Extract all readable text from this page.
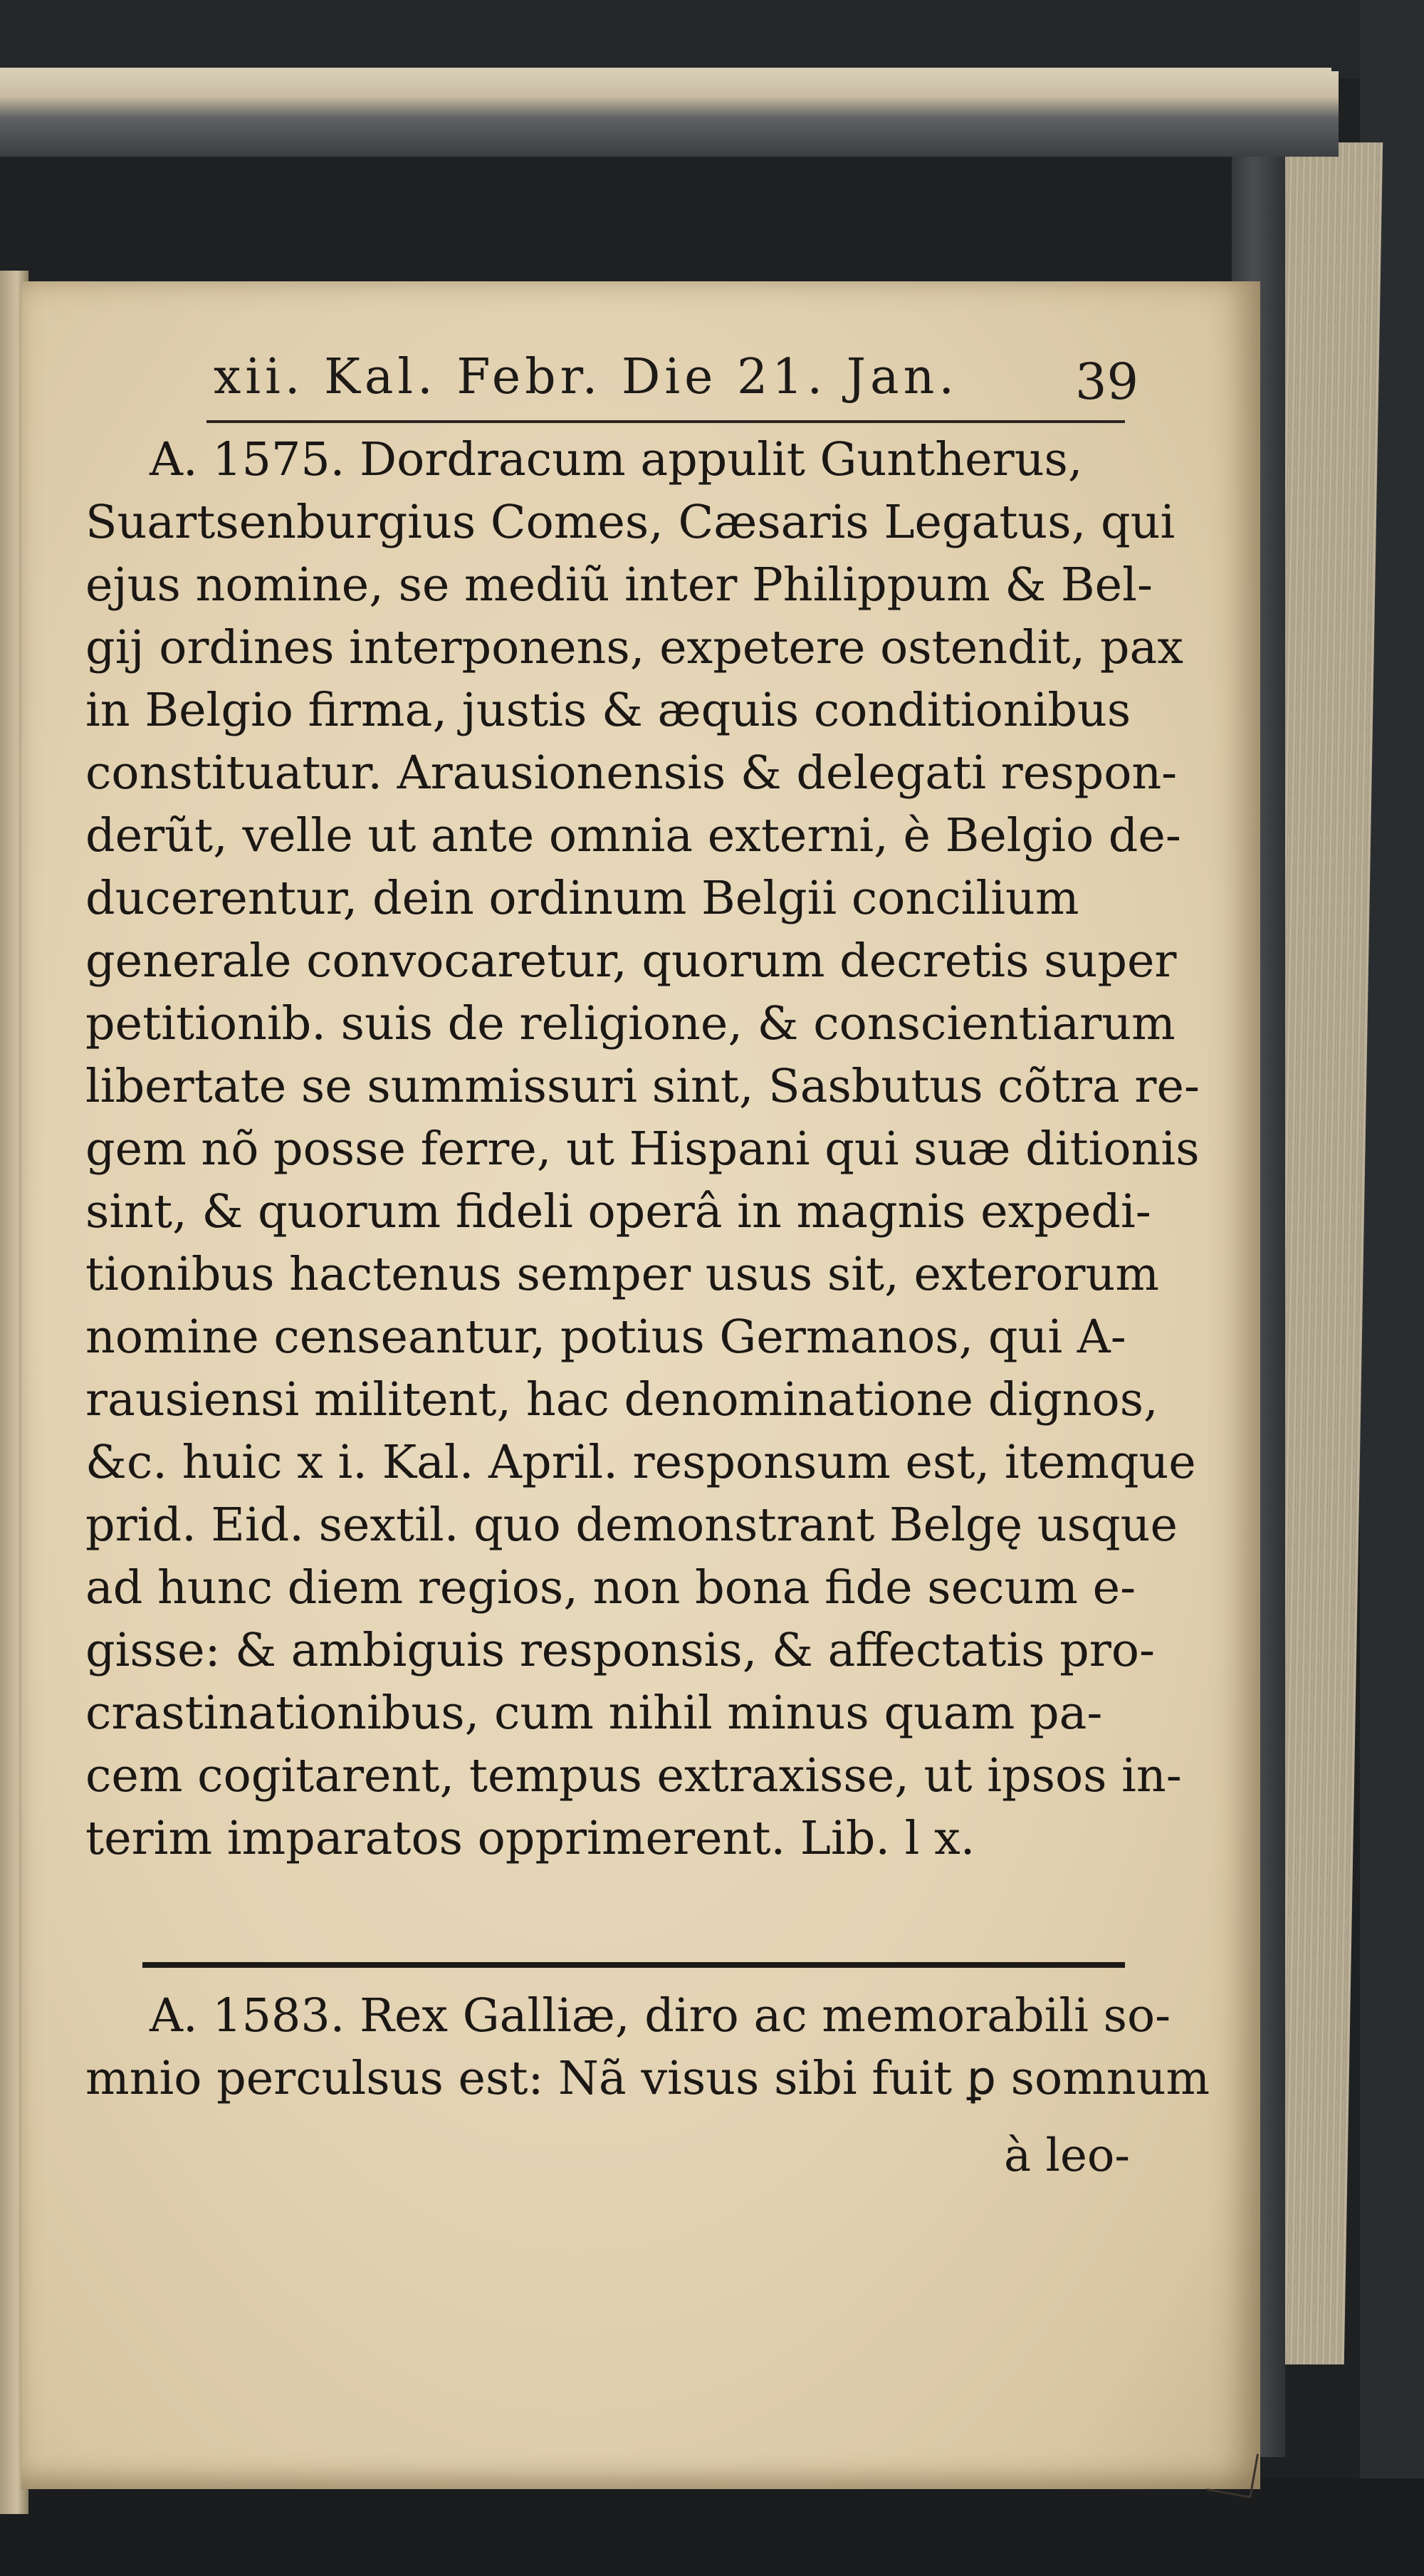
xii. Kal. Febr. Die 21. Jan. 39
A. 1575. Dordracum appulit Guntherus,
Suartsenburgius Comes, Cæsaris Legatus, qui
ejus nomine, se mediũ inter Philippum & Bel-
gij ordines interponens, expetere ostendit, pax
in Belgio firma, justis & æquis conditionibus
constituatur. Arausionensis & delegati respon-
derũt, velle ut ante omnia externi, è Belgio de-
ducerentur, dein ordinum Belgii concilium
generale convocaretur, quorum decretis super
petitionib. suis de religione, & conscientiarum
libertate se summissuri sint, Sasbutus cõtra re-
gem nõ posse ferre, ut Hispani qui suæ ditionis
sint, & quorum fideli operâ in magnis expedi-
tionibus hactenus semper usus sit, exterorum
nomine censeantur, potius Germanos, qui A-
rausiensi militent, hac denominatione dignos,
&c. huic x i. Kal. April. responsum est, itemque
prid. Eid. sextil. quo demonstrant Belgę usque
ad hunc diem regios, non bona fide secum e-
gisse: & ambiguis responsis, & affectatis pro-
crastinationibus, cum nihil minus quam pa-
cem cogitarent, tempus extraxisse, ut ipsos in-
terim imparatos opprimerent. Lib. l x.
A. 1583. Rex Galliæ, diro ac memorabili so-
mnio perculsus est: Nã visus sibi fuit ꝑ somnum
à leo-
